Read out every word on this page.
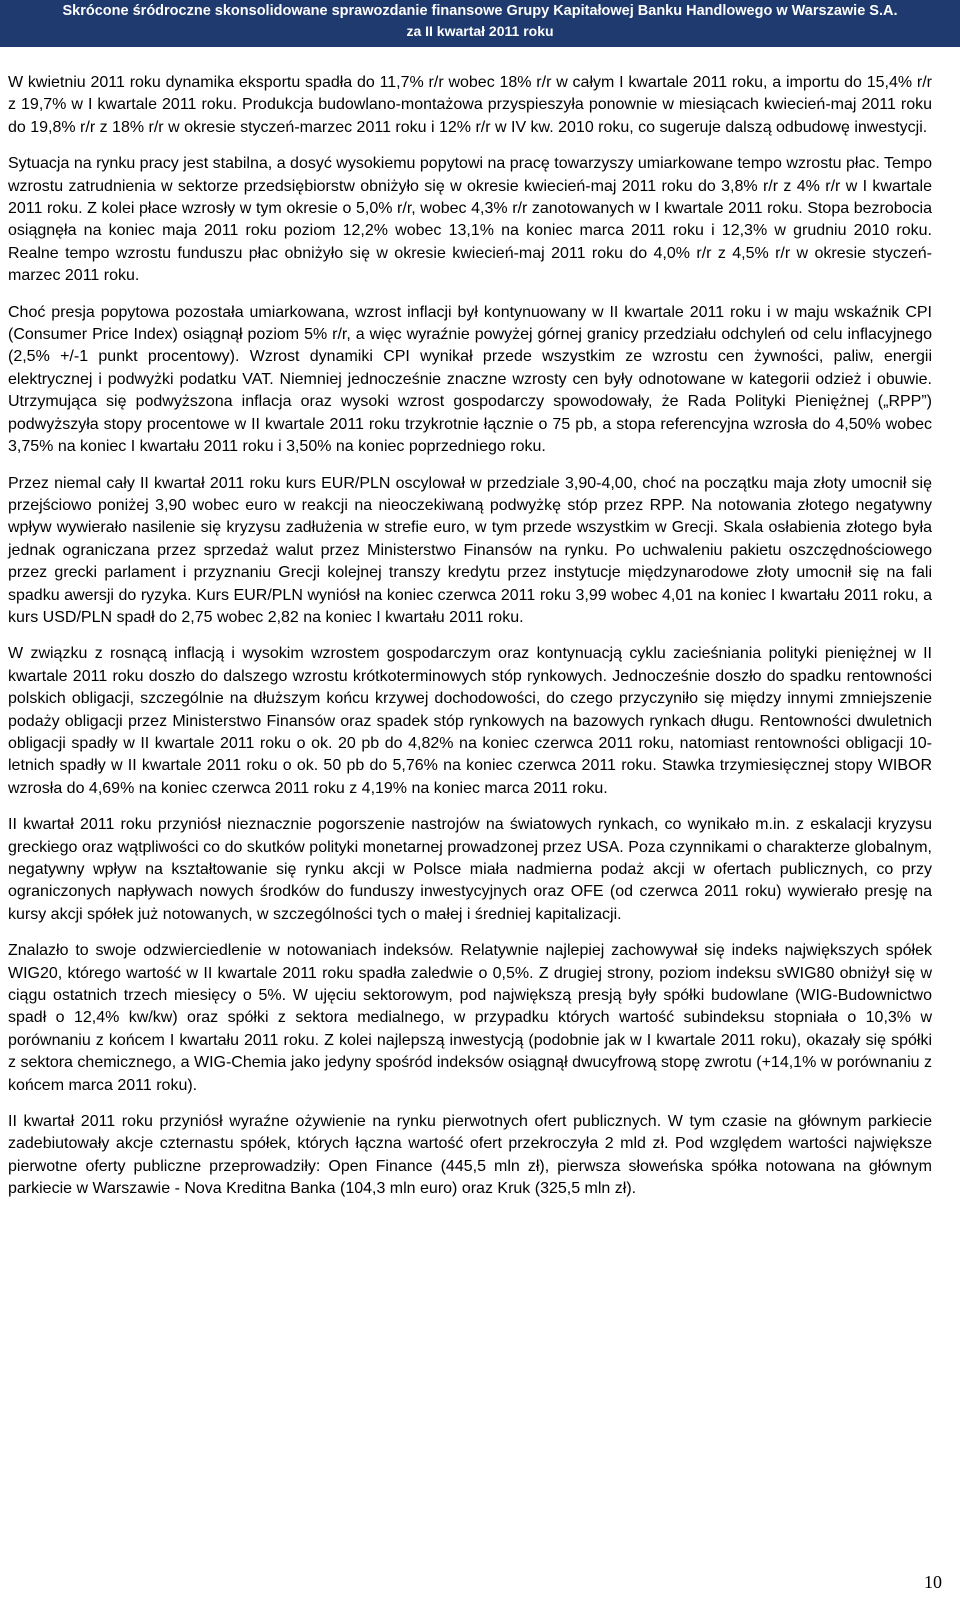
Skrócone śródroczne skonsolidowane sprawozdanie finansowe Grupy Kapitałowej Banku Handlowego w Warszawie S.A.
za II kwartał 2011 roku

W kwietniu 2011 roku dynamika eksportu spadła do 11,7% r/r wobec 18% r/r w całym I kwartale 2011 roku, a importu do 15,4% r/r z 19,7% w I kwartale 2011 roku. Produkcja budowlano-montażowa przyspieszyła ponownie w miesiącach kwiecień-maj 2011 roku do 19,8% r/r z 18% r/r w okresie styczeń-marzec 2011 roku i 12% r/r w IV kw. 2010 roku, co sugeruje dalszą odbudowę inwestycji.

Sytuacja na rynku pracy jest stabilna, a dosyć wysokiemu popytowi na pracę towarzyszy umiarkowane tempo wzrostu płac. Tempo wzrostu zatrudnienia w sektorze przedsiębiorstw obniżyło się w okresie kwiecień-maj 2011 roku do 3,8% r/r z 4% r/r w I kwartale 2011 roku. Z kolei płace wzrosły w tym okresie o 5,0% r/r, wobec 4,3% r/r zanotowanych w I kwartale 2011 roku. Stopa bezrobocia osiągnęła na koniec maja 2011 roku poziom 12,2% wobec 13,1% na koniec marca 2011 roku i 12,3% w grudniu 2010 roku. Realne tempo wzrostu funduszu płac obniżyło się w okresie kwiecień-maj 2011 roku do 4,0% r/r z 4,5% r/r w okresie styczeń-marzec 2011 roku.

Choć presja popytowa pozostała umiarkowana, wzrost inflacji był kontynuowany w II kwartale 2011 roku i w maju wskaźnik CPI (Consumer Price Index) osiągnął poziom 5% r/r, a więc wyraźnie powyżej górnej granicy przedziału odchyleń od celu inflacyjnego (2,5% +/-1 punkt procentowy). Wzrost dynamiki CPI wynikał przede wszystkim ze wzrostu cen żywności, paliw, energii elektrycznej i podwyżki podatku VAT. Niemniej jednocześnie znaczne wzrosty cen były odnotowane w kategorii odzież i obuwie. Utrzymująca się podwyższona inflacja oraz wysoki wzrost gospodarczy spowodowały, że Rada Polityki Pieniężnej („RPP”) podwyższyła stopy procentowe w II kwartale 2011 roku trzykrotnie łącznie o 75 pb, a stopa referencyjna wzrosła do 4,50% wobec 3,75% na koniec I kwartału 2011 roku i 3,50% na koniec poprzedniego roku.

Przez niemal cały II kwartał 2011 roku kurs EUR/PLN oscylował w przedziale 3,90-4,00, choć na początku maja złoty umocnił się przejściowo poniżej 3,90 wobec euro w reakcji na nieoczekiwaną podwyżkę stóp przez RPP. Na notowania złotego negatywny wpływ wywierało nasilenie się kryzysu zadłużenia w strefie euro, w tym przede wszystkim w Grecji. Skala osłabienia złotego była jednak ograniczana przez sprzedaż walut przez Ministerstwo Finansów na rynku. Po uchwaleniu pakietu oszczędnościowego przez grecki parlament i przyznaniu Grecji kolejnej transzy kredytu przez instytucje międzynarodowe złoty umocnił się na fali spadku awersji do ryzyka. Kurs EUR/PLN wyniósł na koniec czerwca 2011 roku 3,99 wobec 4,01 na koniec I kwartału 2011 roku, a kurs USD/PLN spadł do 2,75 wobec 2,82 na koniec I kwartału 2011 roku.

W związku z rosnącą inflacją i wysokim wzrostem gospodarczym oraz kontynuacją cyklu zacieśniania polityki pieniężnej w II kwartale 2011 roku doszło do dalszego wzrostu krótkoterminowych stóp rynkowych. Jednocześnie doszło do spadku rentowności polskich obligacji, szczególnie na dłuższym końcu krzywej dochodowości, do czego przyczyniło się między innymi zmniejszenie podaży obligacji przez Ministerstwo Finansów oraz spadek stóp rynkowych na bazowych rynkach długu. Rentowności dwuletnich obligacji spadły w II kwartale 2011 roku o ok. 20 pb do 4,82% na koniec czerwca 2011 roku, natomiast rentowności obligacji 10-letnich spadły w II kwartale 2011 roku o ok. 50 pb do 5,76% na koniec czerwca 2011 roku. Stawka trzymiesięcznej stopy WIBOR wzrosła do 4,69% na koniec czerwca 2011 roku z 4,19% na koniec marca 2011 roku.

II kwartał 2011 roku przyniósł nieznacznie pogorszenie nastrojów na światowych rynkach, co wynikało m.in. z eskalacji kryzysu greckiego oraz wątpliwości co do skutków polityki monetarnej prowadzonej przez USA. Poza czynnikami o charakterze globalnym, negatywny wpływ na kształtowanie się rynku akcji w Polsce miała nadmierna podaż akcji w ofertach publicznych, co przy ograniczonych napływach nowych środków do funduszy inwestycyjnych oraz OFE (od czerwca 2011 roku) wywierało presję na kursy akcji spółek już notowanych, w szczególności tych o małej i średniej kapitalizacji.

Znalazło to swoje odzwierciedlenie w notowaniach indeksów. Relatywnie najlepiej zachowywał się indeks największych spółek WIG20, którego wartość w II kwartale 2011 roku spadła zaledwie o 0,5%. Z drugiej strony, poziom indeksu sWIG80 obniżył się w ciągu ostatnich trzech miesięcy o 5%. W ujęciu sektorowym, pod największą presją były spółki budowlane (WIG-Budownictwo spadł o 12,4% kw/kw) oraz spółki z sektora medialnego, w przypadku których wartość subindeksu stopniała o 10,3% w porównaniu z końcem I kwartału 2011 roku. Z kolei najlepszą inwestycją (podobnie jak w I kwartale 2011 roku), okazały się spółki z sektora chemicznego, a WIG-Chemia jako jedyny spośród indeksów osiągnął dwucyfrową stopę zwrotu (+14,1% w porównaniu z końcem marca 2011 roku).

II kwartał 2011 roku przyniósł wyraźne ożywienie na rynku pierwotnych ofert publicznych. W tym czasie na głównym parkiecie zadebiutowały akcje czternastu spółek, których łączna wartość ofert przekroczyła 2 mld zł. Pod względem wartości największe pierwotne oferty publiczne przeprowadziły: Open Finance (445,5 mln zł), pierwsza słoweńska spółka notowana na głównym parkiecie w Warszawie - Nova Kreditna Banka (104,3 mln euro) oraz Kruk (325,5 mln zł).

10
